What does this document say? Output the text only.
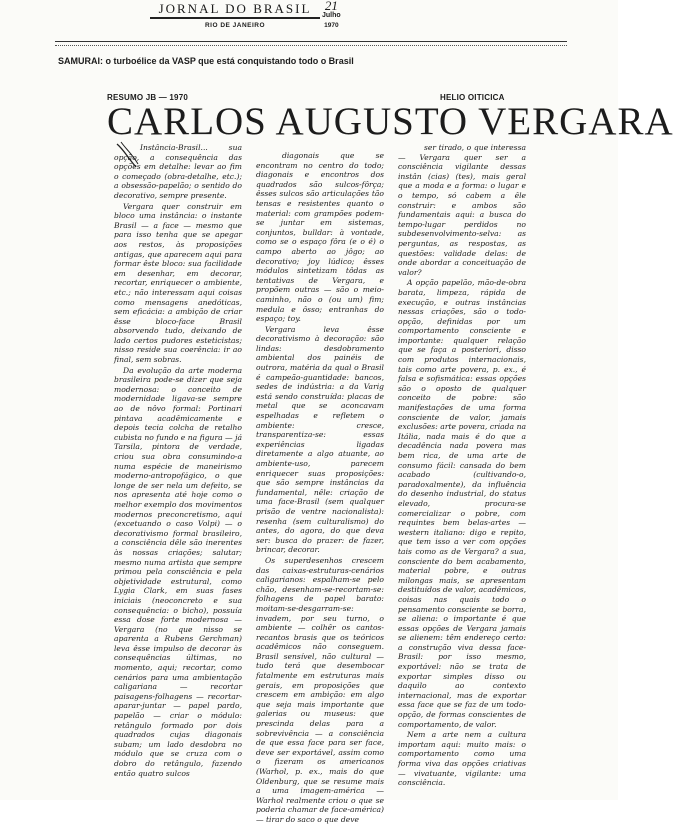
JORNAL DO BRASIL
RIO DE JANEIRO
21
Julho
1970
SAMURAI: o turboélice da VASP que está conquistando todo o Brasil
RESUMO JB — 1970	HELIO OITICICA
CARLOS AUGUSTO VERGARA

Instância-Brasil... sua opção, a consequência das opções em detalhe: levar ao fim o começado (obra-detalhe, etc.); a obsessão-papelão; o sentido do decorativo, sempre presente.

Vergara quer construir em bloco uma instância: o instante Brasil — a face — mesmo que para isso tenha que se apegar aos restos, às proposições antigas, que aparecem aqui para formar êste bloco: sua facilidade em desenhar, em decorar, recortar, enriquecer o ambiente, etc.; não interessam aqui coisas como mensagens anedóticas, sem eficácia: a ambição de criar êsse bloco-face Brasil absorvendo tudo, deixando de lado certos pudores esteticistas; nisso reside sua coerência: ir ao final, sem sobras.

Da evolução da arte moderna brasileira pode-se dizer que seja modernosa: o conceito de modernidade ligava-se sempre ao de nôvo formal: Portinari pintava acadêmicamente e depois tecia colcha de retalho cubista no fundo e na figura — já Tarsila, pintora de verdade, criou sua obra consumindo-a numa espécie de maneirismo moderno-antropofágico, o que longe de ser nela um defeito, se nos apresenta até hoje como o melhor exemplo dos movimentos modernos preconcretismo, aqui (excetuando o caso Volpi) — o decorativismo formal brasileiro, a consciência dêle são inerentes às nossas criações; salutar; mesmo numa artista que sempre primou pela consciência e pela objetividade estrutural, como Lygia Clark, em suas fases iniciais (neoconcreto e sua consequência: o bicho), possuía essa dose forte modernosa — Vergara (no que nisso se aparenta a Rubens Gerchman) leva êsse impulso de decorar às consequências últimas, no momento, aqui; recortar, como cenários para uma ambientação caligariana — recortar paisagens-folhagens — recortar-aparar-juntar — papel pardo, papelão — criar o módulo: retângulo formado por dois quadrados cujas diagonais subam; um lado desdobra no módulo que se cruza com o dobro do retângulo, fazendo então quatro sulcos

diagonais que se encontram no centro do todo; diagonais e encontros dos quadrados são sulcos-fôrça; êsses sulcos são articulações tão tensas e resistentes quanto o material: com grampões podem-se juntar em sistemas, conjuntos, bulldar: à vontade, como se o espaço fôra (e o é) o campo aberto ao jôgo; ao decorativo; joy lúdico; êsses módulos sintetizam tôdas as tentativas de Vergara, e propõem outras — são o meio-caminho, não o (ou um) fim; medula e ôsso; entranhas do espaço; toy.

Vergara leva êsse decorativismo à decoração: são lindas: desdobramento ambiental dos painéis de outrora, matéria da qual o Brasil é campeão-guantidade: bancos, sedes de indústria: a da Varig está sendo construída: placas de metal que se aconcavam espelhadas e refletem o ambiente: cresce, transparentiza-se: essas experiências ligadas diretamente a algo atuante, ao ambiente-uso, parecem enriquecer suas proposições: que são sempre instâncias da fundamental, nêle: criação de uma face-Brasil (sem qualquer prisão de ventre nacionalista): resenha (sem culturalismo) do antes, do agora, do que deva ser: busca do prazer: de fazer, brincar, decorar.

Os superdesenhos crescem das caixas-estruturas-cenários caligarianos: espalham-se pelo chão, desenham-se-recortam-se: folhagens de papel barato: moitam-se-desgarram-se: invadem, por seu turno, o ambiente — colhêr os cantos-recantos brasis que os teóricos acadêmicos não conseguem. Brasil sensível, não cultural — tudo terá que desembocar fatalmente em estruturas mais gerais, em proposições que crescem em ambição: em algo que seja mais importante que galerias ou museus: que prescinda delas para a sobrevivência — a consciência de que essa face para ser face, deve ser exportável, assim como o fizeram os americanos (Warhol, p. ex., mais do que Oldenburg, que se resume mais a uma imagem-américa — Warhol realmente criou o que se poderia chamar de face-américa) — tirar do saco o que deve

ser tirado, o que interessa — Vergara quer ser a consciência vigilante dessas instân (cias) (tes), mais geral que a moda e a forma: o lugar e o tempo, só cabem a êle construir: e ambos são fundamentais aqui: a busca do tempo-lugar perdidos no subdesenvolvimento-selva: as perguntas, as respostas, as questões: validade delas: de onde abordar a conceituação de valor?

A opção papelão, mão-de-obra barata, limpeza, rápida de execução, e outras instâncias nessas criações, são o todo-opção, definidas por um comportamento consciente e importante: qualquer relação que se faça a posteriori, disso com produtos internacionais, tais como arte povera, p. ex., é falsa e sofismática: essas opções são o oposto de qualquer conceito de pobre: são manifestações de uma forma consciente de valor, jamais exclusões: arte povera, criada na Itália, nada mais é do que a decadência nada povera mas bem rica, de uma arte de consumo fácil: cansada do bem acabado (cultivando-o, paradoxalmente), da influência do desenho industrial, do status elevado, procura-se comercializar o pobre, com requintes bem belas-artes — western italiano: digo e repito, que tem isso a ver com opções tais como as de Vergara? a sua, consciente do bem acabamento, material pobre, e outras milongas mais, se apresentam destituídos de valor, acadêmicos, coisas nas quais todo o pensamento consciente se borra, se aliena: o importante é que essas opções de Vergara jamais se alienem: têm endereço certo: a construção viva dessa face-Brasil: por isso mesmo, exportável: não se trata de exportar simples disso ou daquilo ao contexto internacional, mas de exportar essa face que se faz de um todo-opção, de formas conscientes de comportamento, de valor.

Nem a arte nem a cultura importam aqui: muito mais: o comportamento como uma forma viva das opções criativas — vivatuante, vigilante: uma consciência.
